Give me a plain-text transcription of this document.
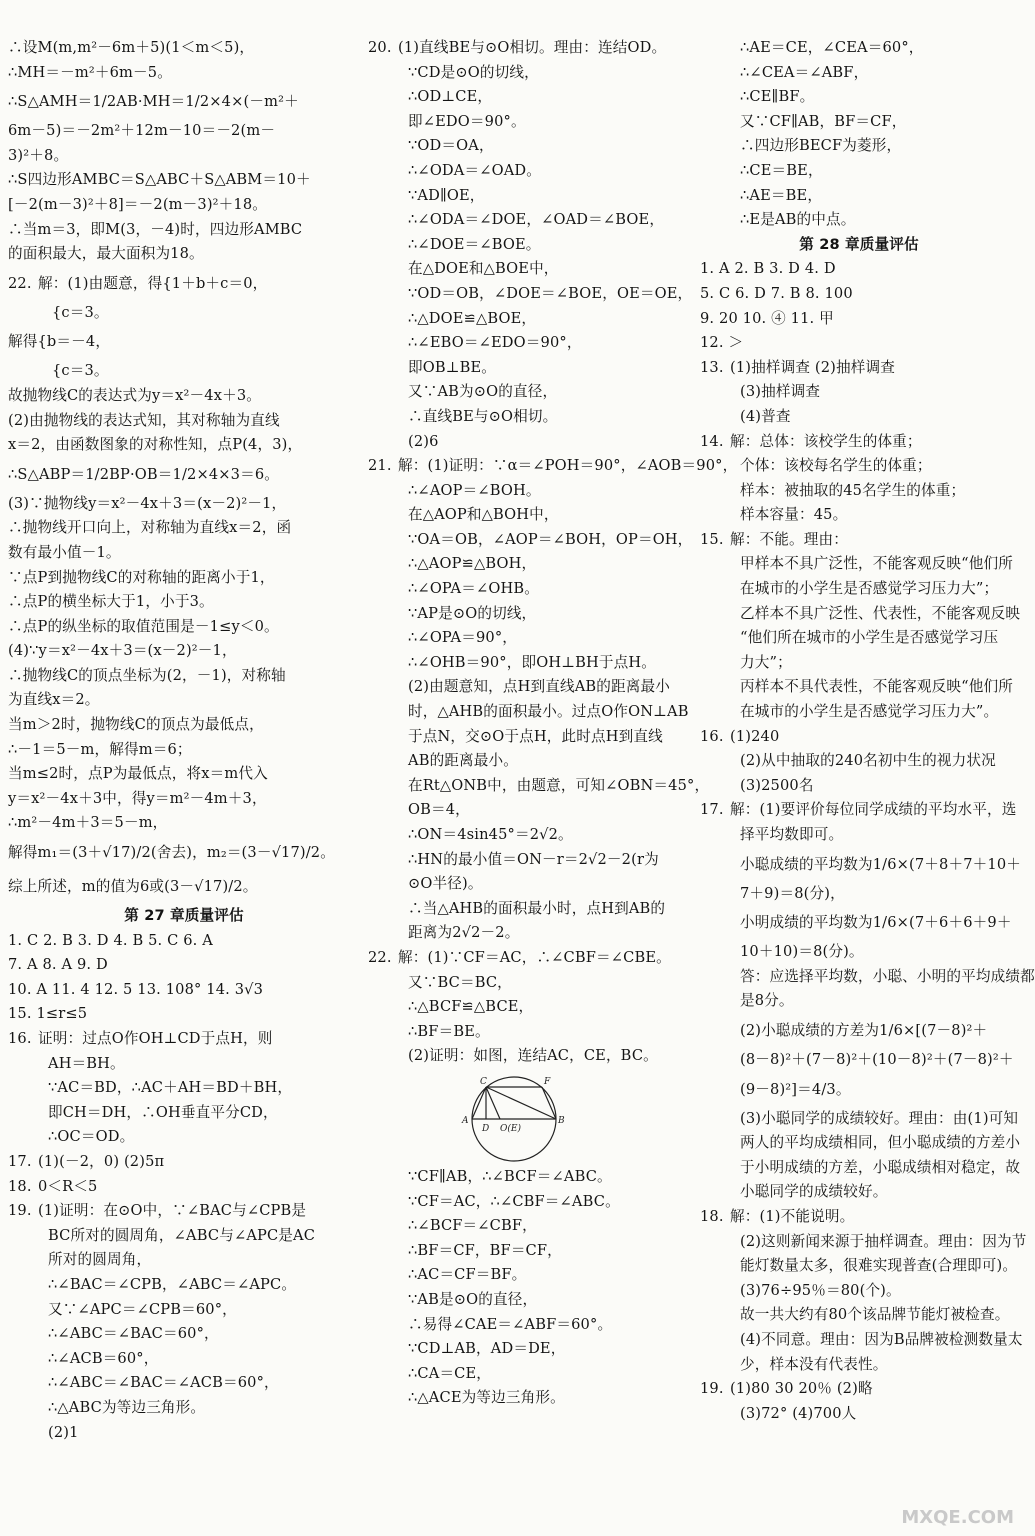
∴设M(m,m²－6m＋5)(1＜m＜5)，
∴MH＝－m²＋6m－5。
∴S△AMH＝1/2AB·MH＝1/2×4×(－m²＋
6m－5)＝－2m²＋12m－10＝－2(m－
3)²＋8。
∴S四边形AMBC＝S△ABC＋S△ABM＝10＋
[－2(m－3)²＋8]＝－2(m－3)²＋18。
∴当m＝3，即M(3，－4)时，四边形AMBC
的面积最大，最大面积为18。
22. 解：(1)由题意，得{1＋b＋c＝0，
{c＝3。
解得{b＝－4，
{c＝3。
故抛物线C的表达式为y＝x²－4x＋3。
(2)由抛物线的表达式知，其对称轴为直线
x＝2，由函数图象的对称性知，点P(4，3)，
∴S△ABP＝1/2BP·OB＝1/2×4×3＝6。
(3)∵抛物线y＝x²－4x＋3＝(x－2)²－1，
∴抛物线开口向上，对称轴为直线x＝2，函
数有最小值－1。
∵点P到抛物线C的对称轴的距离小于1，
∴点P的横坐标大于1，小于3。
∴点P的纵坐标的取值范围是－1≤y＜0。
(4)∵y＝x²－4x＋3＝(x－2)²－1，
∴抛物线C的顶点坐标为(2，－1)，对称轴
为直线x＝2。
当m＞2时，抛物线C的顶点为最低点，
∴－1＝5－m，解得m＝6；
当m≤2时，点P为最低点，将x＝m代入
y＝x²－4x＋3中，得y＝m²－4m＋3，
∴m²－4m＋3＝5－m，
解得m₁＝(3＋√17)/2(舍去)，m₂＝(3－√17)/2。
综上所述，m的值为6或(3－√17)/2。
第 27 章质量评估
1. C 2. B 3. D 4. B 5. C 6. A
7. A 8. A 9. D
10. A 11. 4 12. 5 13. 108° 14. 3√3
15. 1≤r≤5
16. 证明：过点O作OH⊥CD于点H，则
AH＝BH。
∵AC＝BD，∴AC＋AH＝BD＋BH，
即CH＝DH，∴OH垂直平分CD，
∴OC＝OD。
17. (1)(－2，0) (2)5π
18. 0＜R＜5
19. (1)证明：在⊙O中，∵∠BAC与∠CPB是
BC所对的圆周角，∠ABC与∠APC是AC
所对的圆周角，
∴∠BAC＝∠CPB，∠ABC＝∠APC。
又∵∠APC＝∠CPB＝60°，
∴∠ABC＝∠BAC＝60°，
∴∠ACB＝60°，
∴∠ABC＝∠BAC＝∠ACB＝60°，
∴△ABC为等边三角形。
(2)1
20. (1)直线BE与⊙O相切。理由：连结OD。
∵CD是⊙O的切线，
∴OD⊥CE，
即∠EDO＝90°。
∵OD＝OA，
∴∠ODA＝∠OAD。
∵AD∥OE，
∴∠ODA＝∠DOE，∠OAD＝∠BOE，
∴∠DOE＝∠BOE。
在△DOE和△BOE中，
∵OD＝OB，∠DOE＝∠BOE，OE＝OE，
∴△DOE≌△BOE，
∴∠EBO＝∠EDO＝90°，
即OB⊥BE。
又∵AB为⊙O的直径，
∴直线BE与⊙O相切。
(2)6
21. 解：(1)证明：∵α＝∠POH＝90°，∠AOB＝90°，
∴∠AOP＝∠BOH。
在△AOP和△BOH中，
∵OA＝OB，∠AOP＝∠BOH，OP＝OH，
∴△AOP≌△BOH，
∴∠OPA＝∠OHB。
∵AP是⊙O的切线，
∴∠OPA＝90°，
∴∠OHB＝90°，即OH⊥BH于点H。
(2)由题意知，点H到直线AB的距离最小
时，△AHB的面积最小。过点O作ON⊥AB
于点N，交⊙O于点H，此时点H到直线
AB的距离最小。
在Rt△ONB中，由题意，可知∠OBN＝45°，
OB＝4，
∴ON＝4sin45°＝2√2。
∴HN的最小值＝ON－r＝2√2－2(r为
⊙O半径)。
∴当△AHB的面积最小时，点H到AB的
距离为2√2－2。
22. 解：(1)∵CF＝AC，∴∠CBF＝∠CBE。
又∵BC＝BC，
∴△BCF≌△BCE，
∴BF＝BE。
(2)证明：如图，连结AC，CE，BC。
C	F
A
D O(E)
B
∵CF∥AB，∴∠BCF＝∠ABC。
∵CF＝AC，∴∠CBF＝∠ABC。
∴∠BCF＝∠CBF，
∴BF＝CF，BF＝CF，
∴AC＝CF＝BF。
∵AB是⊙O的直径，
∴易得∠CAE＝∠ABF＝60°。
∵CD⊥AB，AD＝DE，
∴CA＝CE，
∴△ACE为等边三角形。
∴AE＝CE，∠CEA＝60°，
∴∠CEA＝∠ABF，
∴CE∥BF。
又∵CF∥AB，BF＝CF，
∴四边形BECF为菱形，
∴CE＝BE，
∴AE＝BE，
∴E是AB的中点。
第 28 章质量评估
1. A 2. B 3. D 4. D
5. C 6. D 7. B 8. 100
9. 20 10. ④ 11. 甲
12. ＞
13. (1)抽样调查 (2)抽样调查
(3)抽样调查
(4)普查
14. 解：总体：该校学生的体重；
个体：该校每名学生的体重；
样本：被抽取的45名学生的体重；
样本容量：45。
15. 解：不能。理由：
甲样本不具广泛性，不能客观反映“他们所
在城市的小学生是否感觉学习压力大”；
乙样本不具广泛性、代表性，不能客观反映
“他们所在城市的小学生是否感觉学习压
力大”；
丙样本不具代表性，不能客观反映“他们所
在城市的小学生是否感觉学习压力大”。
16. (1)240
(2)从中抽取的240名初中生的视力状况
(3)2500名
17. 解：(1)要评价每位同学成绩的平均水平，选
择平均数即可。
小聪成绩的平均数为1/6×(7＋8＋7＋10＋
7＋9)＝8(分)，
小明成绩的平均数为1/6×(7＋6＋6＋9＋
10＋10)＝8(分)。
答：应选择平均数，小聪、小明的平均成绩都
是8分。
(2)小聪成绩的方差为1/6×[(7－8)²＋
(8－8)²＋(7－8)²＋(10－8)²＋(7－8)²＋
(9－8)²]＝4/3。
(3)小聪同学的成绩较好。理由：由(1)可知
两人的平均成绩相同，但小聪成绩的方差小
于小明成绩的方差，小聪成绩相对稳定，故
小聪同学的成绩较好。
18. 解：(1)不能说明。
(2)这则新闻来源于抽样调查。理由：因为节
能灯数量太多，很难实现普查(合理即可)。
(3)76÷95％＝80(个)。
故一共大约有80个该品牌节能灯被检查。
(4)不同意。理由：因为B品牌被检测数量太
少，样本没有代表性。
19. (1)80 30 20％ (2)略
(3)72° (4)700人
MXQE.COM
